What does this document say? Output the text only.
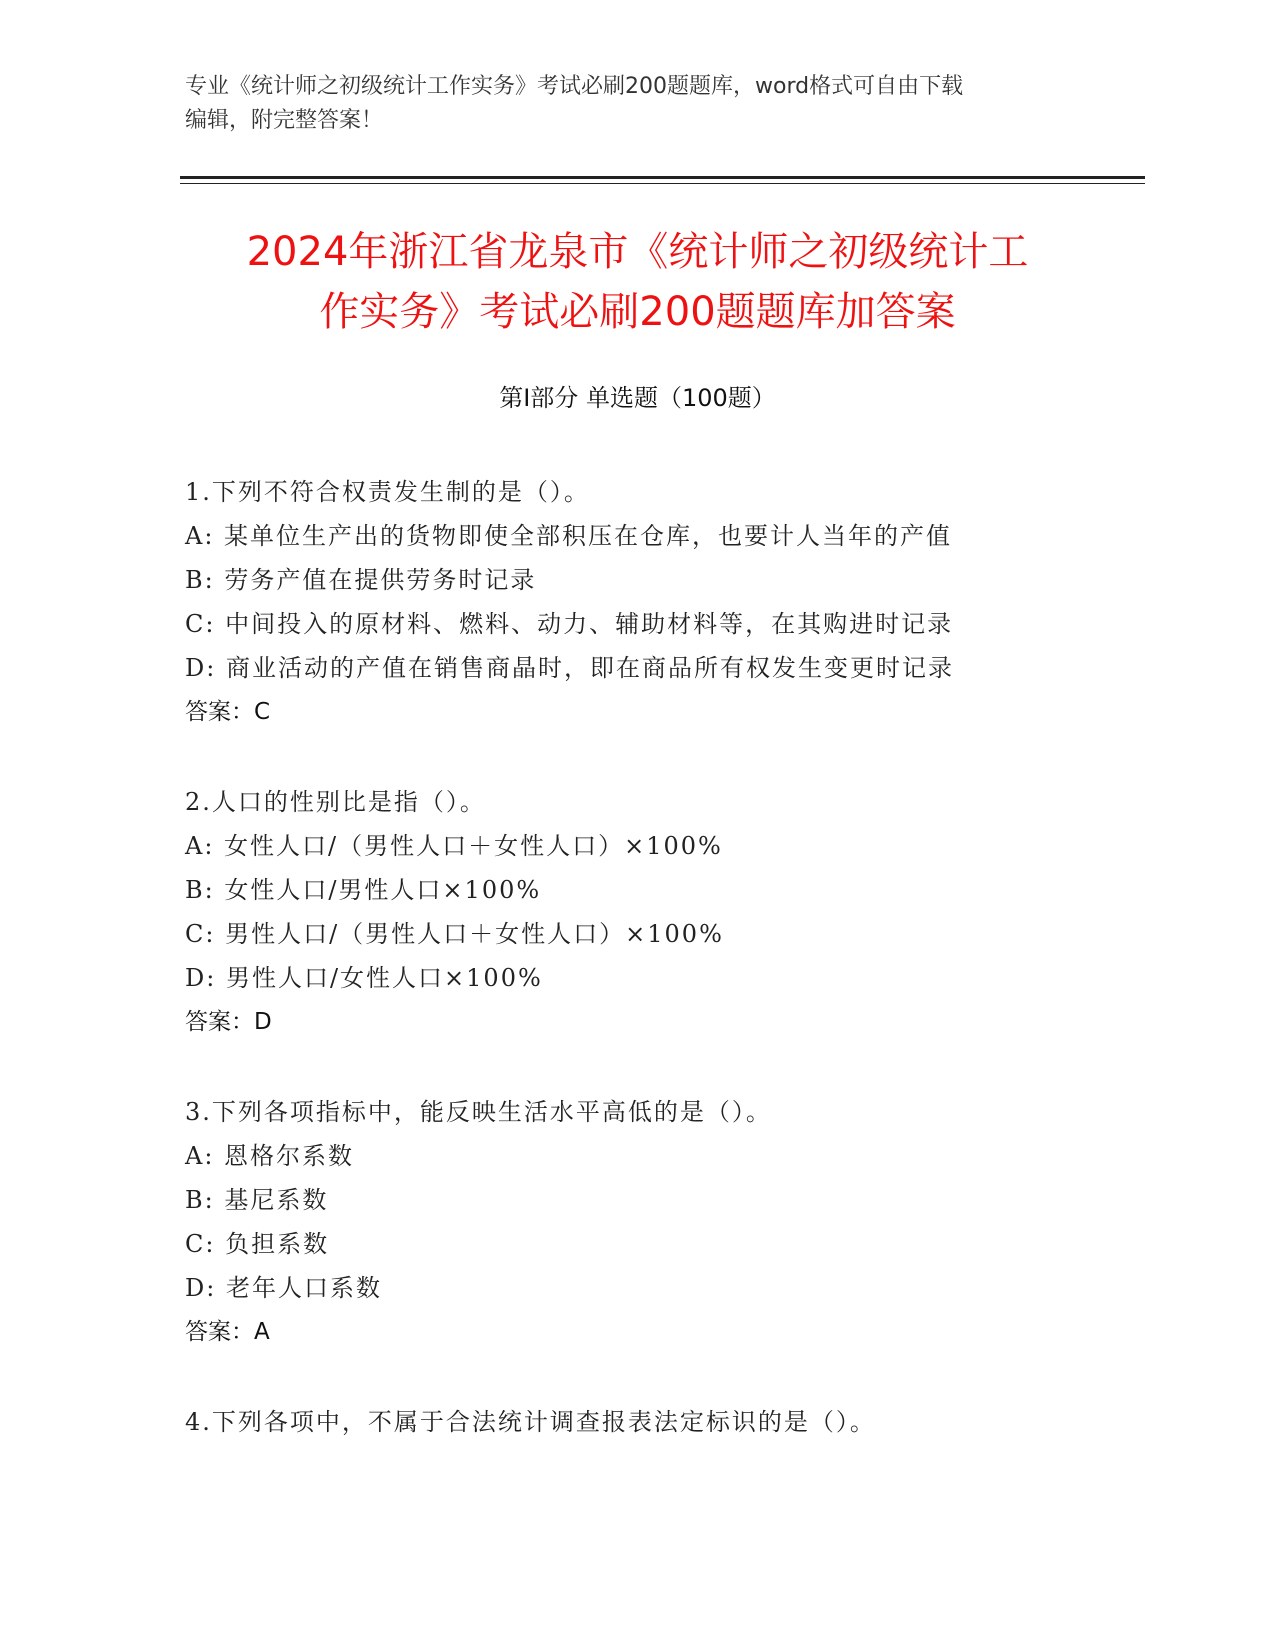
专业《统计师之初级统计工作实务》考试必刷200题题库，word格式可自由下载
编辑，附完整答案！
2024年浙江省龙泉市《统计师之初级统计工
作实务》考试必刷200题题库加答案
第I部分 单选题（100题）
1.下列不符合权责发生制的是（）。
A: 某单位生产出的货物即使全部积压在仓库，也要计人当年的产值
B: 劳务产值在提供劳务时记录
C: 中间投入的原材料、燃料、动力、辅助材料等，在其购进时记录
D: 商业活动的产值在销售商晶时，即在商品所有权发生变更时记录
答案：C
2.人口的性别比是指（）。
A: 女性人口/（男性人口＋女性人口）×100%
B: 女性人口/男性人口×100%
C: 男性人口/（男性人口＋女性人口）×100%
D: 男性人口/女性人口×100%
答案：D
3.下列各项指标中，能反映生活水平高低的是（）。
A: 恩格尔系数
B: 基尼系数
C: 负担系数
D: 老年人口系数
答案：A
4.下列各项中，不属于合法统计调查报表法定标识的是（）。
